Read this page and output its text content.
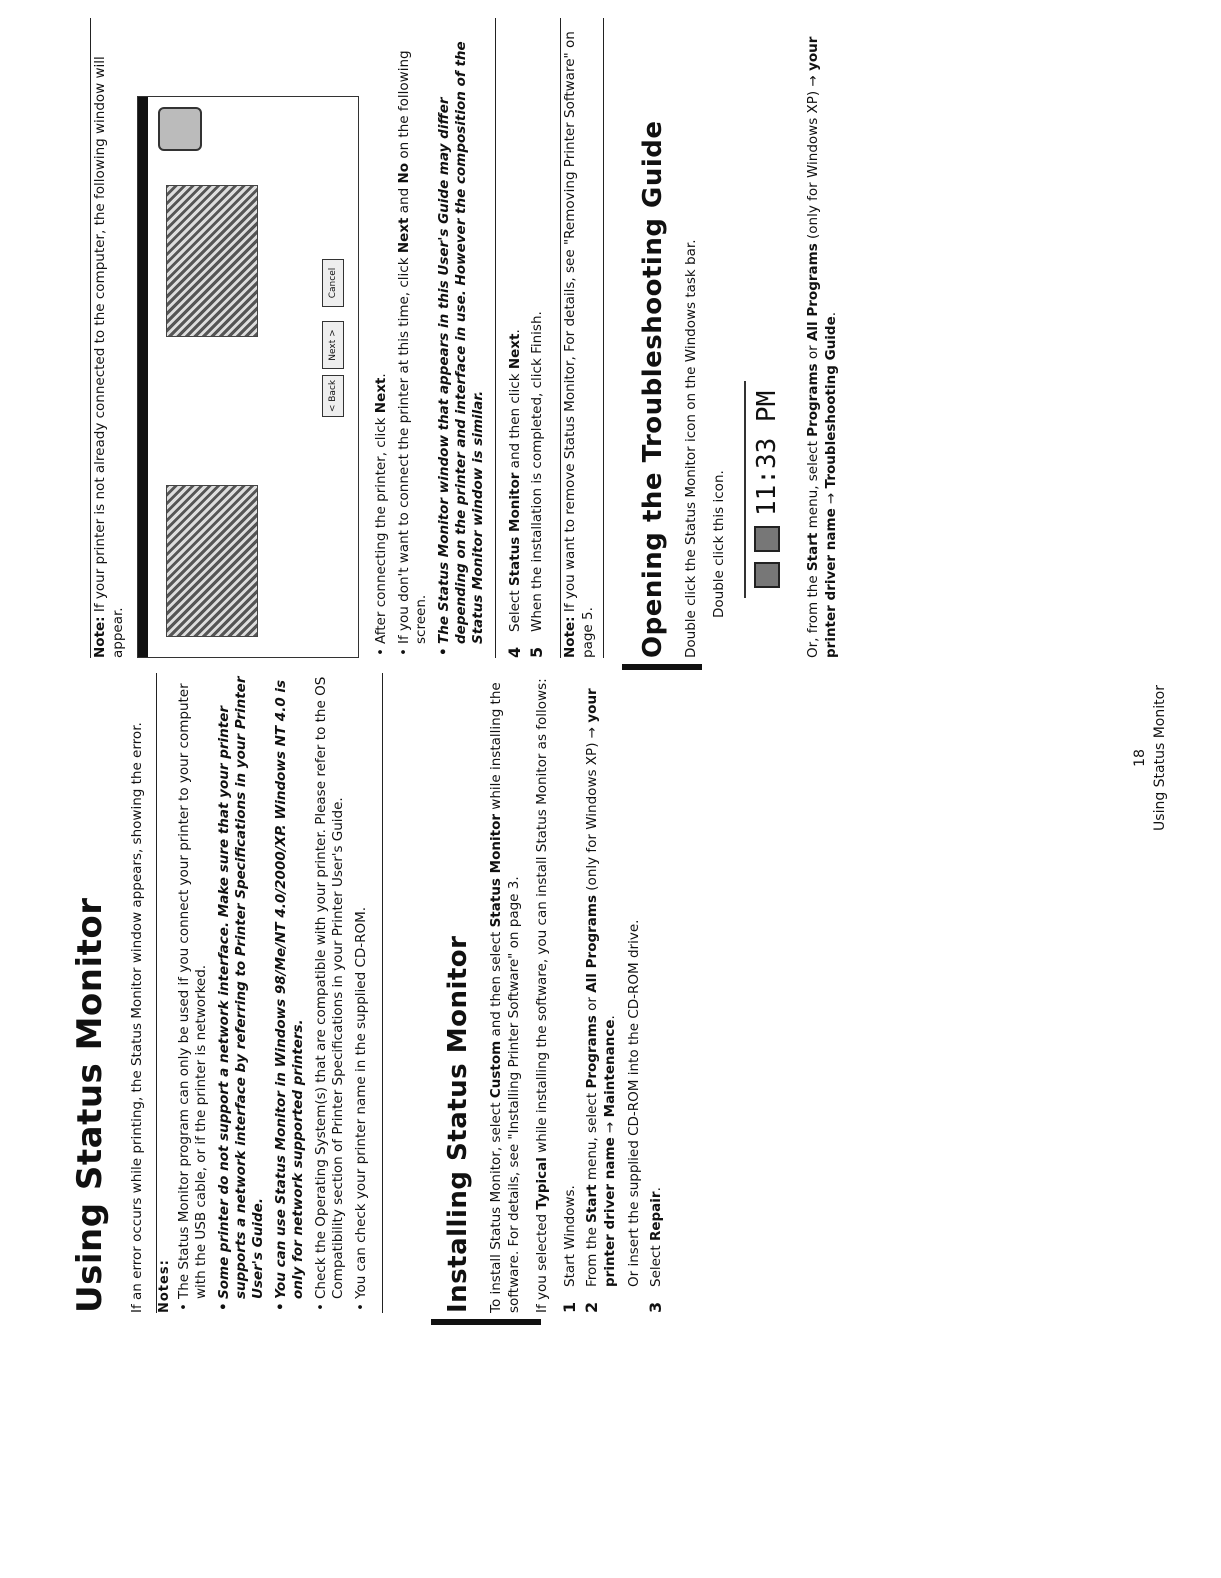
Using Status Monitor If an error occurs while printing, the Status Monitor window appears, showing the error. Notes: • The Status Monitor program can only be used if you connect your printer to your computer with the USB cable, or if the printer is networked. • Some printer do not support a network interface. Make sure that your printer supports a network interface by referring to Printer Specifications in your Printer User's Guide. • You can use Status Monitor in Windows 98/Me/NT 4.0/2000/XP. Windows NT 4.0 is only for network supported printers. • Check the Operating System(s) that are compatible with your printer. Please refer to the OS Compatibility section of Printer Specifications in your Printer User's Guide. • You can check your printer name in the supplied CD-ROM.	Installing Status Monitor To install Status Monitor, select Custom and then select Status Monitor while installing the software. For details, see "Installing Printer Software" on page 3. If you selected Typical while installing the software, you can install Status Monitor as follows:

1
Start Windows.
2
From the Start menu, select Programs or All Programs (only for Windows XP) → your printer driver name → Maintenance. Or insert the supplied CD-ROM into the CD-ROM drive.
3
Select Repair.

Note: If your printer is not already connected to the computer, the following window will appear.

< Back
Next >
Cancel
• After connecting the printer, click Next. • If you don't want to connect the printer at this time, click Next and No on the following screen. • The Status Monitor window that appears in this User's Guide may differ depending on the printer and interface in use. However the composition of the Status Monitor window is similar.
4
Select Status Monitor and then click Next.
5
When the installation is completed, click Finish.

Note: If you want to remove Status Monitor, For details, see "Removing Printer Software" on page 5. Opening the Troubleshooting Guide Double click the Status Monitor icon on the Windows task bar. Double click this icon.

11:33 PM

Or, from the Start menu, select Programs or All Programs (only for Windows XP) → your printer driver name → Troubleshooting Guide.

18 Using Status Monitor
